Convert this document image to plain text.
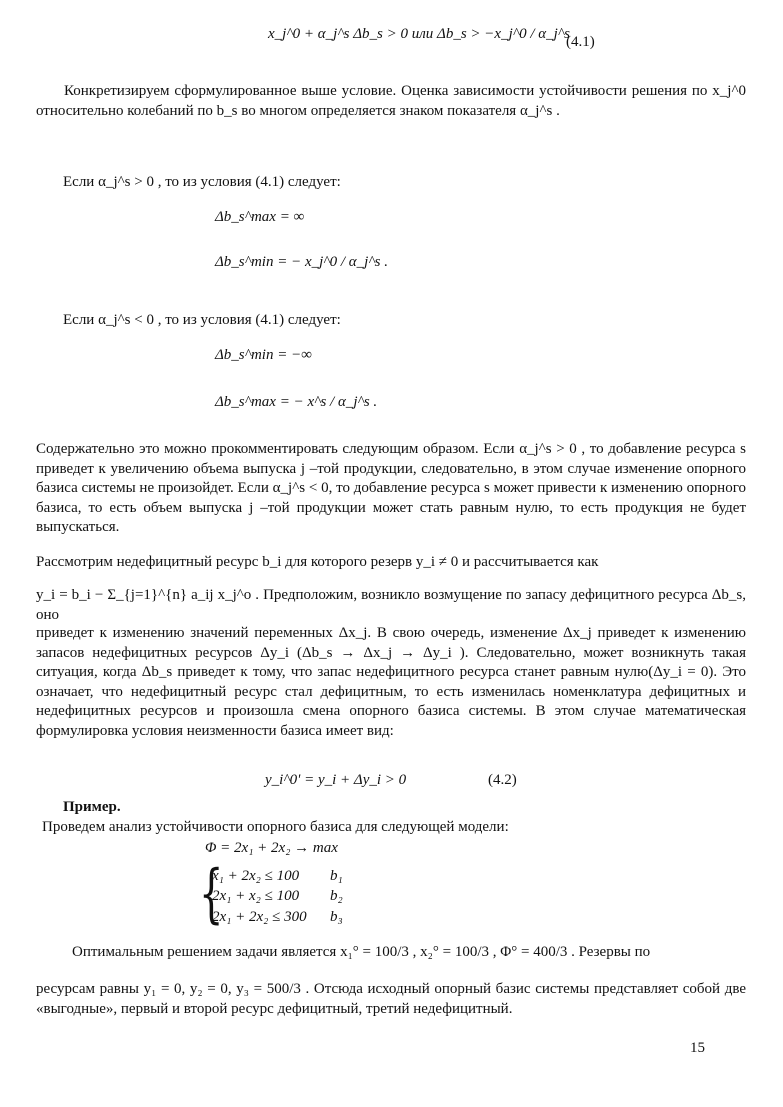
x_j^0 + α_j^s Δb_s > 0 или Δb_s > −x_j^0 / α_j^s
(4.1)
Конкретизируем сформулированное выше условие. Оценка зависимости устойчивости решения по x_j^0 относительно колебаний по b_s во многом определяется знаком показателя α_j^s .
Если α_j^s > 0 , то из условия (4.1) следует:
Δb_s^max = ∞
Δb_s^min = − x_j^0 / α_j^s .
Если α_j^s < 0 , то из условия (4.1) следует:
Δb_s^min = −∞
Δb_s^max = − x^s / α_j^s .
Содержательно это можно прокомментировать следующим образом. Если α_j^s > 0 , то добавление ресурса s приведет к увеличению объема выпуска j –той продукции, следовательно, в этом случае изменение опорного базиса системы не произойдет. Если α_j^s < 0, то добавление ресурса s может привести к изменению опорного базиса, то есть объем выпуска j –той продукции может стать равным нулю, то есть продукция не будет выпускаться.
Рассмотрим недефицитный ресурс b_i для которого резерв y_i ≠ 0 и рассчитывается как
y_i = b_i − Σ_{j=1}^{n} a_ij x_j^o . Предположим, возникло возмущение по запасу дефицитного ресурса Δb_s, оно
приведет к изменению значений переменных Δx_j. В свою очередь, изменение Δx_j приведет к изменению запасов недефицитных ресурсов Δy_i (Δb_s → Δx_j → Δy_i ). Следовательно, может возникнуть такая ситуация, когда Δb_s приведет к тому, что запас недефицитного ресурса станет равным нулю(Δy_i = 0). Это означает, что недефицитный ресурс стал дефицитным, то есть изменилась номенклатура дефицитных и недефицитных ресурсов и произошла смена опорного базиса системы. В этом случае математическая формулировка условия неизменности базиса имеет вид:
y_i^0' = y_i + Δy_i > 0	(4.2)
Пример.
Проведем анализ устойчивости опорного базиса для следующей модели:
Φ = 2x₁ + 2x₂ → max
{
x₁ + 2x₂ ≤ 100 b₁
2x₁ + x₂ ≤ 100 b₂
2x₁ + 2x₂ ≤ 300 b₃
Оптимальным решением задачи является x₁° = 100/3 , x₂° = 100/3 , Φ° = 400/3 . Резервы по
ресурсам равны y₁ = 0, y₂ = 0, y₃ = 500/3 . Отсюда исходный опорный базис системы представляет собой две «выгодные», первый и второй ресурс дефицитный, третий недефицитный.
15
